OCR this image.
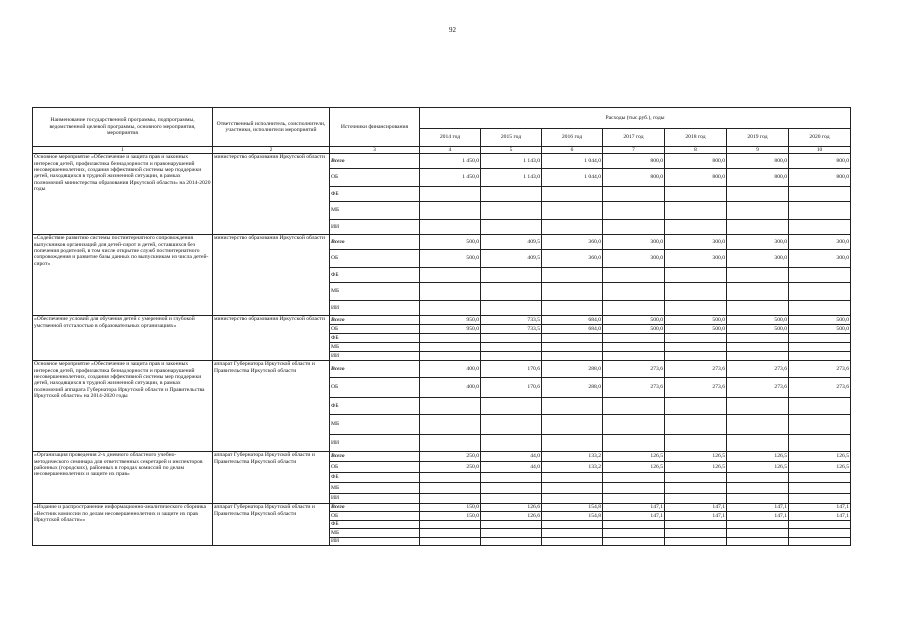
92
Наименование государственной программы, подпрограммы, ведомственной целевой программы, основного мероприятия, мероприятия	Ответственный исполнитель, соисполнители, участники, исполнители мероприятий	Источники финансирования	Расходы (тыс.руб.), годы						
			2014 год	2015 год	2016 год	2017 год	2018 год	2019 год	2020 год
1	2	3	4	5	6	7	8	9	10
Основное мероприятие «Обеспечение и защита прав и законных интересов детей, профилактика безнадзорности и правонарушений несовершеннолетних, создания эффективной системы мер поддержки детей, находящихся в трудной жизненной ситуации, в рамках полномочий министерства образования Иркутской области» на 2014-2020 годы	министерство образования Иркутской области	Всего	1 450,0	1 143,0	1 044,0	800,0	800,0	800,0	800,0
		ОБ	1 450,0	1 143,0	1 044,0	800,0	800,0	800,0	800,0
		ФБ							
		МБ							
		ИИ							
«Содействие развитию системы постинтернатного сопровождения выпускников организаций для детей-сирот и детей, оставшихся без попечения родителей, в том числе открытие служб постинтернатного сопровождения и развитие базы данных по выпускникам из числа детей-сирот»	министерство образования Иркутской области	Всего	500,0	409,5	360,0	300,0	300,0	300,0	300,0
		ОБ	500,0	409,5	360,0	300,0	300,0	300,0	300,0
		ФБ							
		МБ							
		ИИ							
«Обеспечение условий для обучения детей с умеренной и глубокой умственной отсталостью в образовательных организациях»	министерство образования Иркутской области	Всего	950,0	733,5	684,0	500,0	500,0	500,0	500,0
		ОБ	950,0	733,5	684,0	500,0	500,0	500,0	500,0
		ФБ							
		МБ							
		ИИ							
Основное мероприятие «Обеспечение и защита прав и законных интересов детей, профилактика безнадзорности и правонарушений несовершеннолетних, создания эффективной системы мер поддержки детей, находящихся в трудной жизненной ситуации, в рамках полномочий аппарата Губернатора Иркутской области и Правительства Иркутской области» на 2014-2020 годы	аппарат Губернатора Иркутской области и Правительства Иркутской области	Всего	400,0	170,6	288,0	273,6	273,6	273,6	273,6
		ОБ	400,0	170,6	288,0	273,6	273,6	273,6	273,6
		ФБ							
		МБ							
		ИИ							
«Организация проведения 2-х дневного областного учебно-методического семинара для ответственных секретарей и инспекторов районных (городских), районных в городах комиссий по делам несовершеннолетних и защите их прав»	аппарат Губернатора Иркутской области и Правительства Иркутской области	Всего	250,0	44,0	133,2	126,5	126,5	126,5	126,5
		ОБ	250,0	44,0	133,2	126,5	126,5	126,5	126,5
		ФБ							
		МБ							
		ИИ							
«Издание и распространение информационно-аналитического сборника «Вестник комиссии по делам несовершеннолетних и защите их прав Иркутской области»»	аппарат Губернатора Иркутской области и Правительства Иркутской области	Всего	150,0	126,6	154,8	147,1	147,1	147,1	147,1
		ОБ	150,0	126,6	154,8	147,1	147,1	147,1	147,1
		ФБ							
		МБ							
		ИИ							
